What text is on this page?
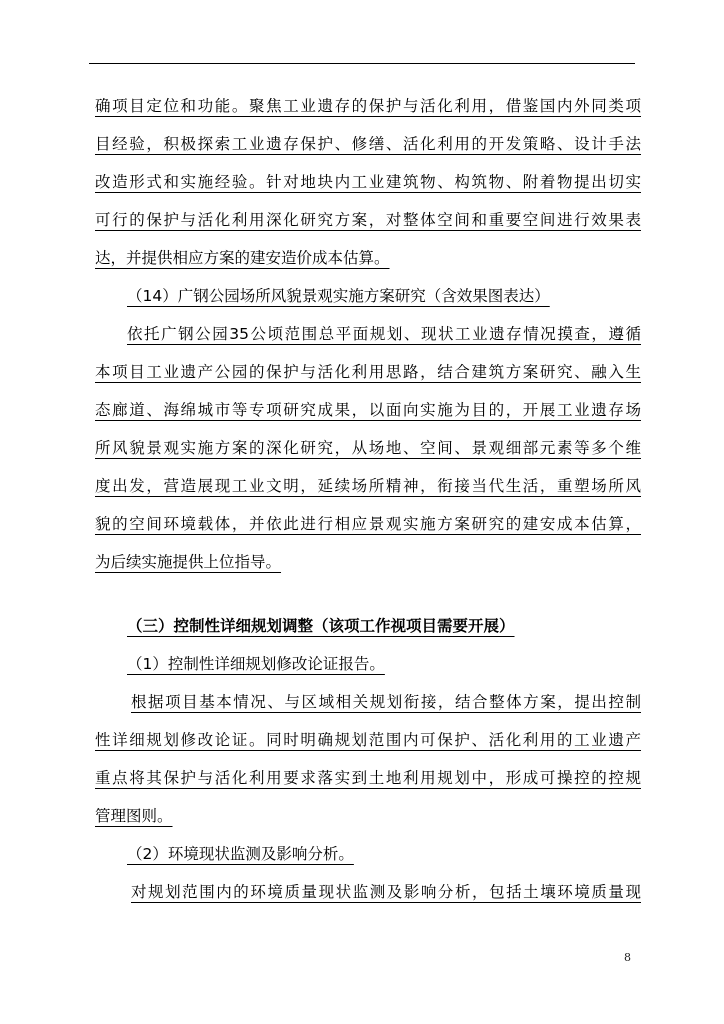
确项目定位和功能。聚焦工业遗存的保护与活化利用，借鉴国内外同类项
目经验，积极探索工业遗存保护、修缮、活化利用的开发策略、设计手法
改造形式和实施经验。针对地块内工业建筑物、构筑物、附着物提出切实
可行的保护与活化利用深化研究方案，对整体空间和重要空间进行效果表
达，并提供相应方案的建安造价成本估算。
（14）广钢公园场所风貌景观实施方案研究（含效果图表达）
依托广钢公园35公顷范围总平面规划、现状工业遗存情况摸查，遵循
本项目工业遗产公园的保护与活化利用思路，结合建筑方案研究、融入生
态廊道、海绵城市等专项研究成果，以面向实施为目的，开展工业遗存场
所风貌景观实施方案的深化研究，从场地、空间、景观细部元素等多个维
度出发，营造展现工业文明，延续场所精神，衔接当代生活，重塑场所风
貌的空间环境载体，并依此进行相应景观实施方案研究的建安成本估算，
为后续实施提供上位指导。
（三）控制性详细规划调整（该项工作视项目需要开展）
（1）控制性详细规划修改论证报告。
根据项目基本情况、与区域相关规划衔接，结合整体方案，提出控制
性详细规划修改论证。同时明确规划范围内可保护、活化利用的工业遗产
重点将其保护与活化利用要求落实到土地利用规划中，形成可操控的控规
管理图则。
（2）环境现状监测及影响分析。
对规划范围内的环境质量现状监测及影响分析，包括土壤环境质量现
8
